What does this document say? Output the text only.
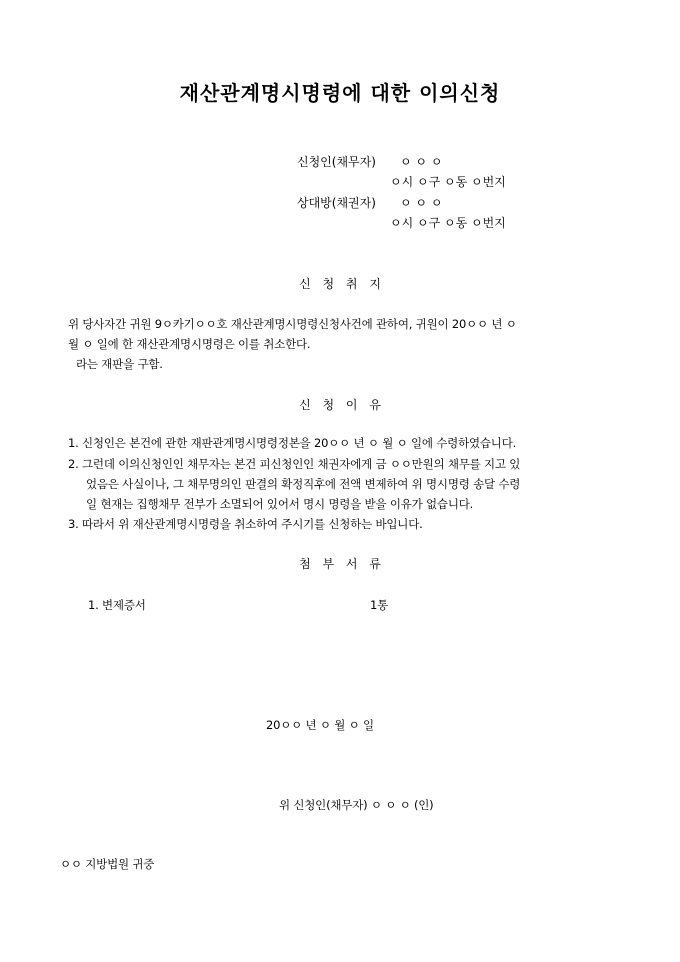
재산관계명시명령에 대한 이의신청
신청인(채무자) ㅇ ㅇ ㅇ
ㅇ시 ㅇ구 ㅇ동 ㅇ번지
상대방(채권자) ㅇ ㅇ ㅇ
ㅇ시 ㅇ구 ㅇ동 ㅇ번지
신 청 취 지
위 당사자간 귀원 9ㅇ카기ㅇㅇ호 재산관계명시명령신청사건에 관하여, 귀원이 20ㅇㅇ 년 ㅇ
월 ㅇ 일에 한 재산관계명시명령은 이를 취소한다.
라는 재판을 구함.
신 청 이 유
1. 신청인은 본건에 관한 재판관계명시명령정본을 20ㅇㅇ 년 ㅇ 월 ㅇ 일에 수령하였습니다.
2. 그런데 이의신청인인 채무자는 본건 피신청인인 채권자에게 금 ㅇㅇ만원의 채무를 지고 있
었음은 사실이나, 그 채무명의인 판결의 확정직후에 전액 변제하여 위 명시명령 송달 수령
일 현재는 집행채무 전부가 소멸되어 있어서 명시 명령을 받을 이유가 없습니다.
3. 따라서 위 재산관계명시명령을 취소하여 주시기를 신청하는 바입니다.
첨 부 서 류
1. 변제증서	1통
20ㅇㅇ 년 ㅇ 월 ㅇ 일
위 신청인(채무자) ㅇ ㅇ ㅇ (인)
ㅇㅇ 지방법원 귀중
